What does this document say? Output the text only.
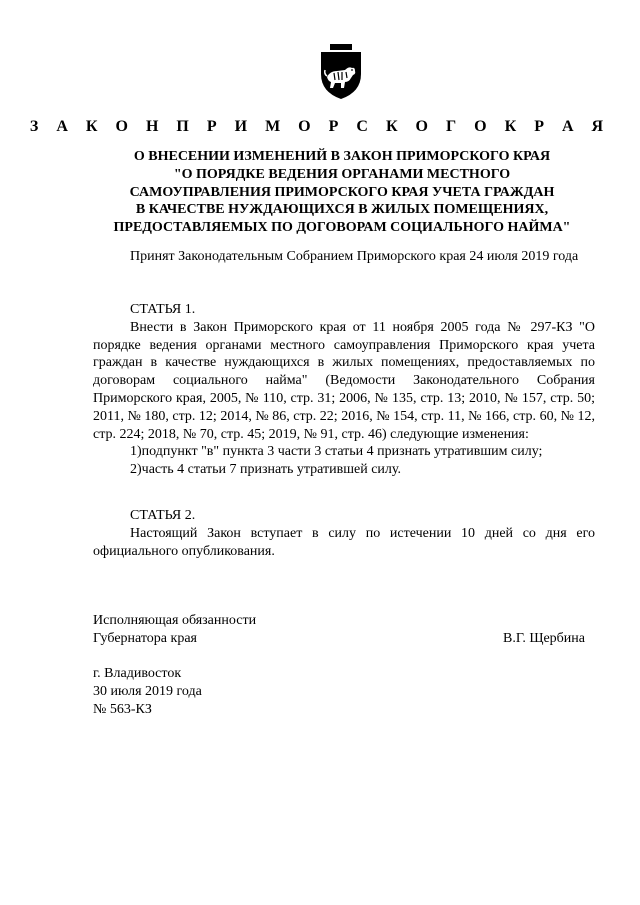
З А К О Н П Р И М О Р С К О Г О К Р А Я
О ВНЕСЕНИИ ИЗМЕНЕНИЙ В ЗАКОН ПРИМОРСКОГО КРАЯ
"О ПОРЯДКЕ ВЕДЕНИЯ ОРГАНАМИ МЕСТНОГО
САМОУПРАВЛЕНИЯ ПРИМОРСКОГО КРАЯ УЧЕТА ГРАЖДАН
В КАЧЕСТВЕ НУЖДАЮЩИХСЯ В ЖИЛЫХ ПОМЕЩЕНИЯХ,
ПРЕДОСТАВЛЯЕМЫХ ПО ДОГОВОРАМ СОЦИАЛЬНОГО НАЙМА"

Принят Законодательным Собранием Приморского края 24 июля 2019 года

СТАТЬЯ 1.

Внести в Закон Приморского края от 11 ноября 2005 года № 297-КЗ "О порядке ведения органами местного самоуправления Приморского края учета граждан в качестве нуждающихся в жилых помещениях, предоставляемых по договорам социального найма" (Ведомости Законодательного Собрания Приморского края, 2005, № 110, стр. 31; 2006, № 135, стр. 13; 2010, № 157, стр. 50; 2011, № 180, стр. 12; 2014, № 86, стр. 22; 2016, № 154, стр. 11, № 166, стр. 60, № 12, стр. 224; 2018, № 70, стр. 45; 2019, № 91, стр. 46) следующие изменения:

1)подпункт "в" пункта 3 части 3 статьи 4 признать утратившим силу;

2)часть 4 статьи 7 признать утратившей силу.

СТАТЬЯ 2.

Настоящий Закон вступает в силу по истечении 10 дней со дня его официального опубликования.

Исполняющая обязанности
Губернатора края	В.Г. Щербина
г. Владивосток
30 июля 2019 года
№ 563-КЗ
